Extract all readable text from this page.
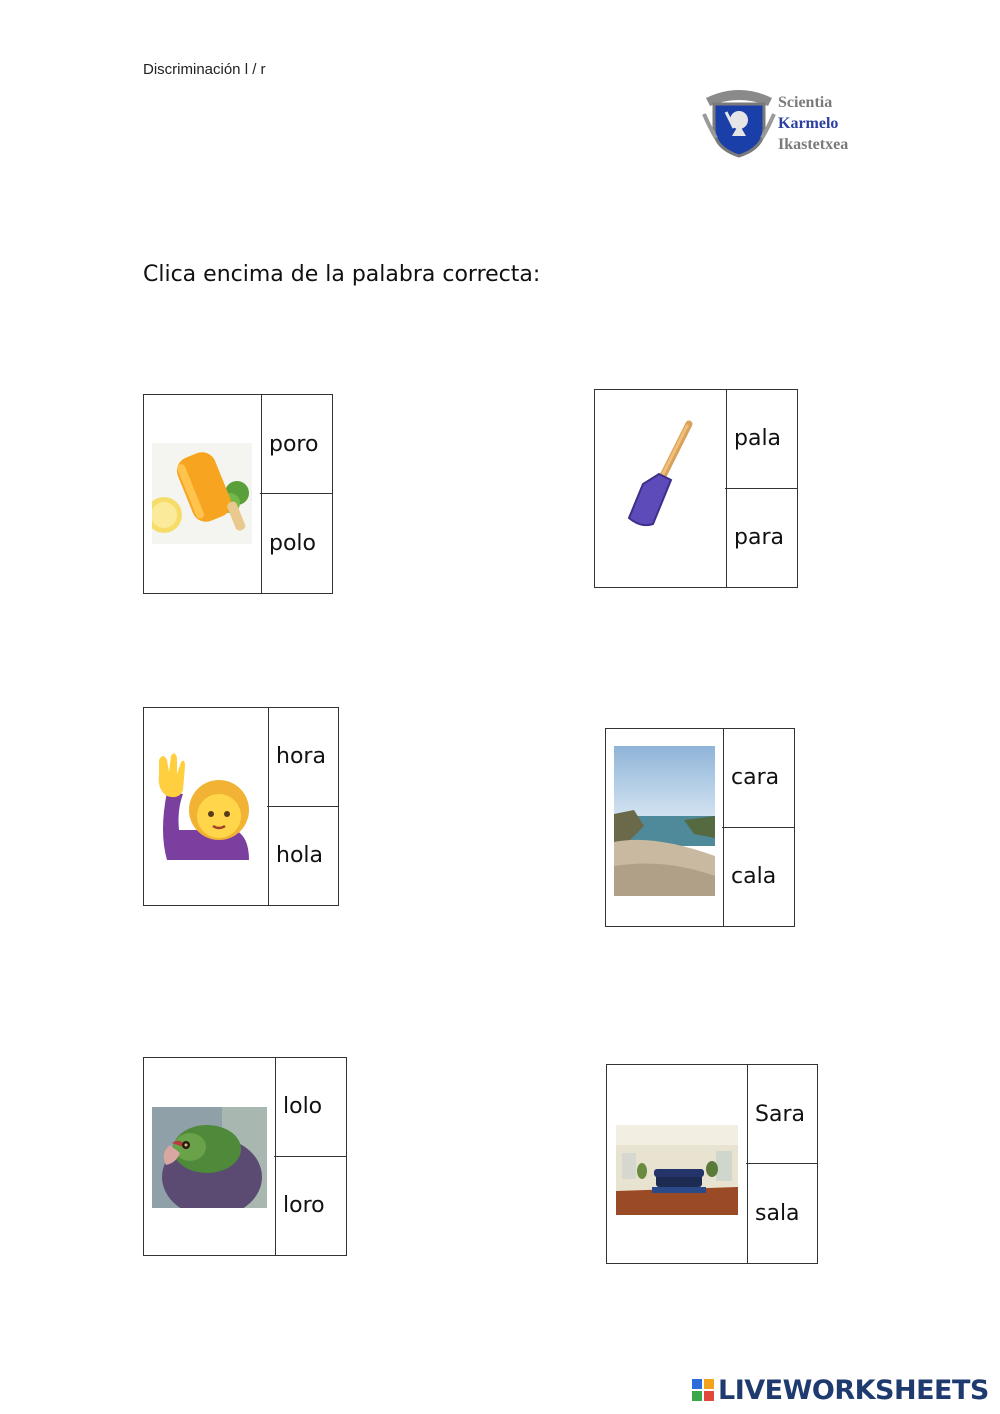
Discriminación l / r
Scientia
Karmelo
Ikastetxea
Clica encima de la palabra correcta:
poro
polo
pala
para
hora
hola
cara
cala
lolo
loro
Sara
sala
LIVEWORKSHEETS
